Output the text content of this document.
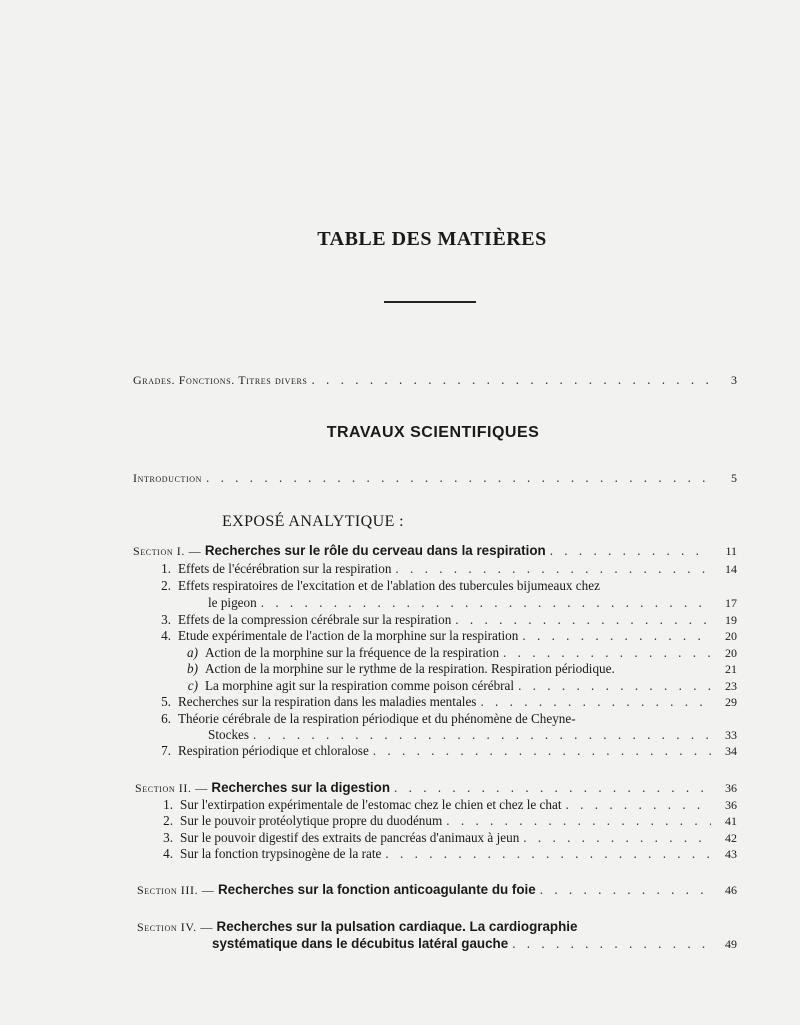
TABLE DES MATIÈRES
Grades. Fonctions. Titres divers . . .	3
TRAVAUX SCIENTIFIQUES
Introduction . . .	5
EXPOSÉ ANALYTIQUE :
Section I. — Recherches sur le rôle du cerveau dans la respiration . . .	11
1. Effets de l'écérébration sur la respiration . . .	14
2. Effets respiratoires de l'excitation et de l'ablation des tubercules bijumeaux chez
le pigeon . . .	17
3. Effets de la compression cérébrale sur la respiration . . .	19
4. Etude expérimentale de l'action de la morphine sur la respiration . . .	20
a) Action de la morphine sur la fréquence de la respiration . . .	20
b) Action de la morphine sur le rythme de la respiration. Respiration périodique.	21
c) La morphine agit sur la respiration comme poison cérébral . . .	23
5. Recherches sur la respiration dans les maladies mentales . . .	29
6. Théorie cérébrale de la respiration périodique et du phénomène de Cheyne-
Stockes . . .	33
7. Respiration périodique et chloralose . . .	34
Section II. — Recherches sur la digestion . . .	36
1. Sur l'extirpation expérimentale de l'estomac chez le chien et chez le chat . . .	36
2. Sur le pouvoir protéolytique propre du duodénum . . .	41
3. Sur le pouvoir digestif des extraits de pancréas d'animaux à jeun . . .	42
4. Sur la fonction trypsinogène de la rate . . .	43
Section III. — Recherches sur la fonction anticoagulante du foie . . .	46
Section IV. — Recherches sur la pulsation cardiaque. La cardiographie
systématique dans le décubitus latéral gauche . . .	49
